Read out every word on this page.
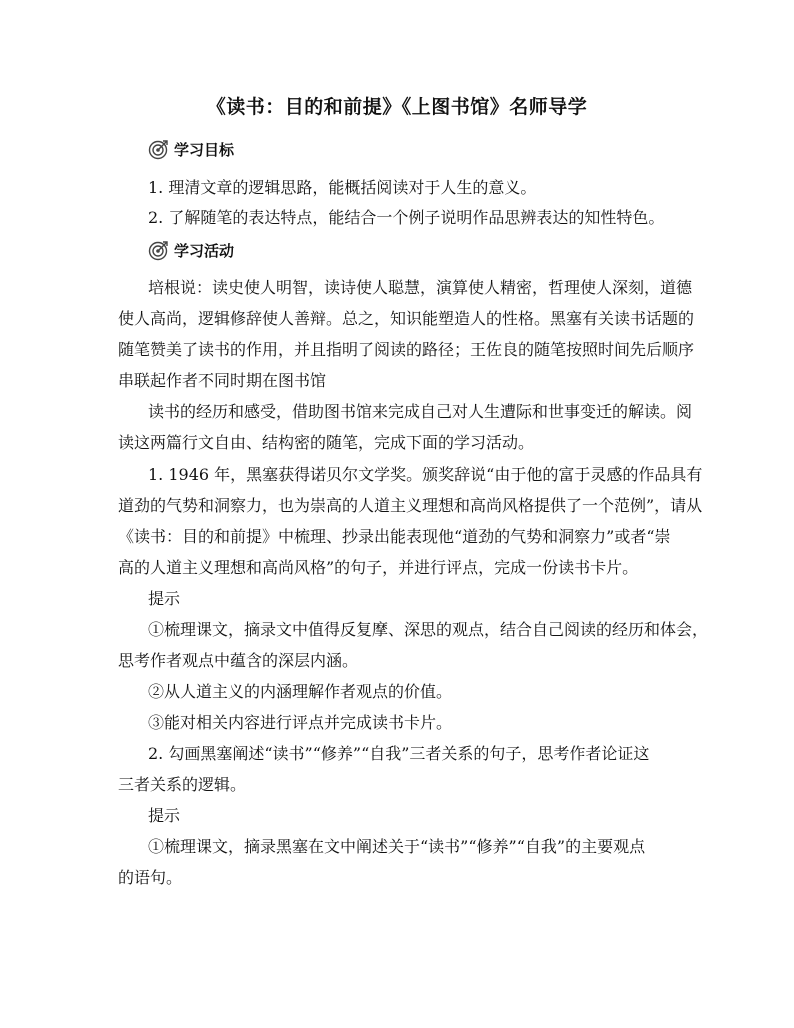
《读书：目的和前提》《上图书馆》名师导学
学习目标
1. 理清文章的逻辑思路，能概括阅读对于人生的意义。
2. 了解随笔的表达特点，能结合一个例子说明作品思辨表达的知性特色。
学习活动
培根说：读史使人明智，读诗使人聪慧，演算使人精密，哲理使人深刻，道德
使人高尚，逻辑修辞使人善辩。总之，知识能塑造人的性格。黑塞有关读书话题的
随笔赞美了读书的作用，并且指明了阅读的路径；王佐良的随笔按照时间先后顺序
串联起作者不同时期在图书馆
读书的经历和感受，借助图书馆来完成自己对人生遭际和世事变迁的解读。阅
读这两篇行文自由、结构密的随笔，完成下面的学习活动。
1. 1946 年，黑塞获得诺贝尔文学奖。颁奖辞说“由于他的富于灵感的作品具有
道劲的气势和洞察力，也为崇高的人道主义理想和高尚风格提供了一个范例”，请从
《读书：目的和前提》中梳理、抄录出能表现他“道劲的气势和洞察力”或者“崇
高的人道主义理想和高尚风格”的句子，并进行评点，完成一份读书卡片。
提示
①梳理课文，摘录文中值得反复摩、深思的观点，结合自己阅读的经历和体会，
思考作者观点中蕴含的深层内涵。
②从人道主义的内涵理解作者观点的价值。
③能对相关内容进行评点并完成读书卡片。
2. 勾画黑塞阐述“读书”“修养”“自我”三者关系的句子，思考作者论证这
三者关系的逻辑。
提示
①梳理课文，摘录黑塞在文中阐述关于“读书”“修养”“自我”的主要观点
的语句。
